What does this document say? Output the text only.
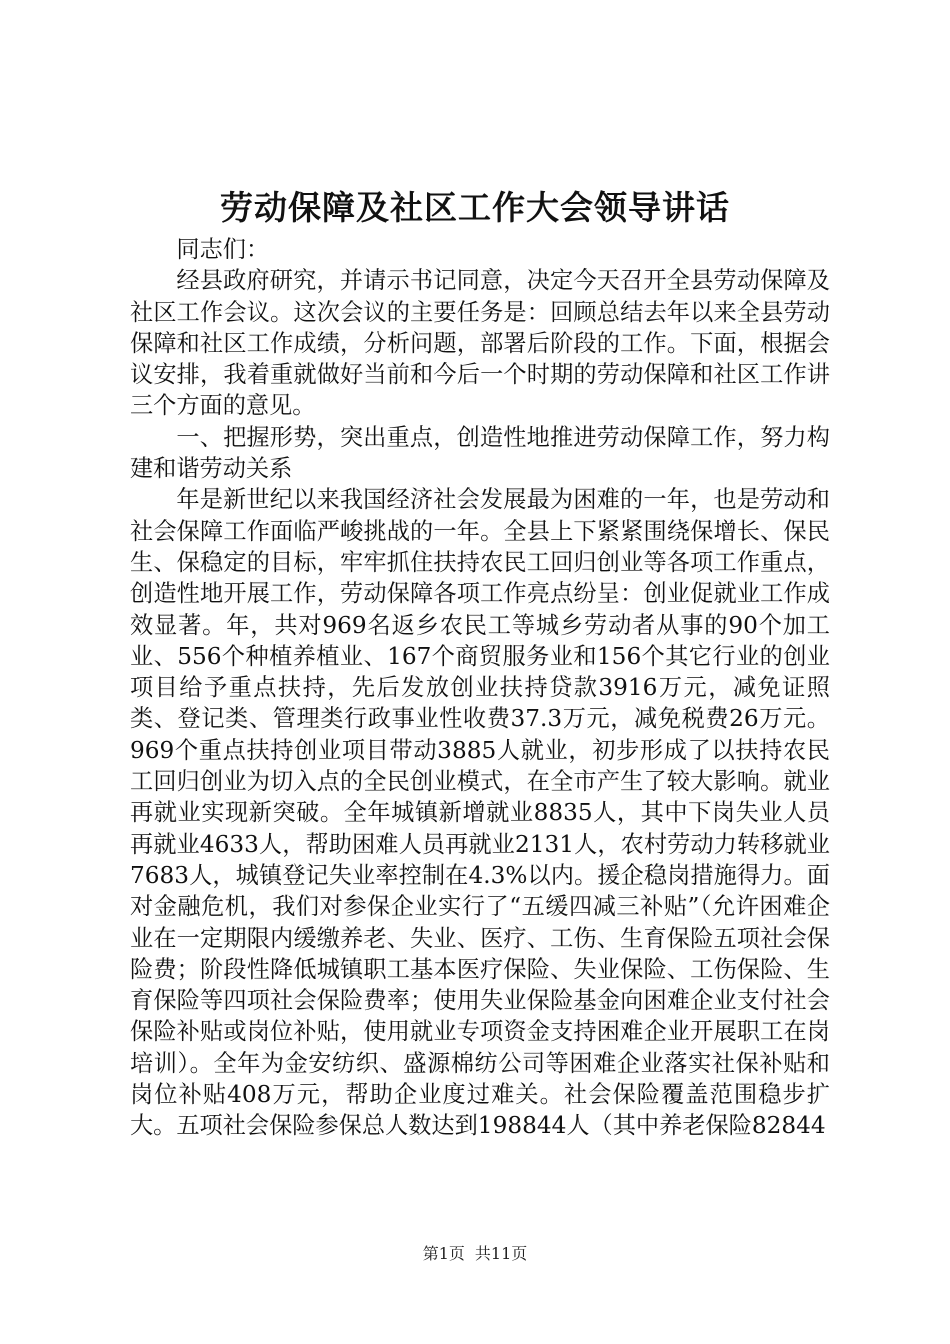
劳动保障及社区工作大会领导讲话

同志们：

经县政府研究，并请示书记同意，决定今天召开全县劳动保障及社区工作会议。这次会议的主要任务是：回顾总结去年以来全县劳动保障和社区工作成绩，分析问题，部署后阶段的工作。下面，根据会议安排，我着重就做好当前和今后一个时期的劳动保障和社区工作讲三个方面的意见。

一、把握形势，突出重点，创造性地推进劳动保障工作，努力构建和谐劳动关系

年是新世纪以来我国经济社会发展最为困难的一年，也是劳动和社会保障工作面临严峻挑战的一年。全县上下紧紧围绕保增长、保民生、保稳定的目标，牢牢抓住扶持农民工回归创业等各项工作重点，创造性地开展工作，劳动保障各项工作亮点纷呈：创业促就业工作成效显著。年，共对969名返乡农民工等城乡劳动者从事的90个加工业、556个种植养植业、167个商贸服务业和156个其它行业的创业项目给予重点扶持，先后发放创业扶持贷款3916万元，减免证照类、登记类、管理类行政事业性收费37.3万元，减免税费26万元。969个重点扶持创业项目带动3885人就业，初步形成了以扶持农民工回归创业为切入点的全民创业模式，在全市产生了较大影响。就业再就业实现新突破。全年城镇新增就业8835人，其中下岗失业人员再就业4633人，帮助困难人员再就业2131人，农村劳动力转移就业7683人，城镇登记失业率控制在4.3%以内。援企稳岗措施得力。面对金融危机，我们对参保企业实行了“五缓四减三补贴”（允许困难企业在一定期限内缓缴养老、失业、医疗、工伤、生育保险五项社会保险费；阶段性降低城镇职工基本医疗保险、失业保险、工伤保险、生育保险等四项社会保险费率；使用失业保险基金向困难企业支付社会保险补贴或岗位补贴，使用就业专项资金支持困难企业开展职工在岗培训）。全年为金安纺织、盛源棉纺公司等困难企业落实社保补贴和岗位补贴408万元，帮助企业度过难关。社会保险覆盖范围稳步扩大。五项社会保险参保总人数达到198844人（其中养老保险82844

第1页 共11页
